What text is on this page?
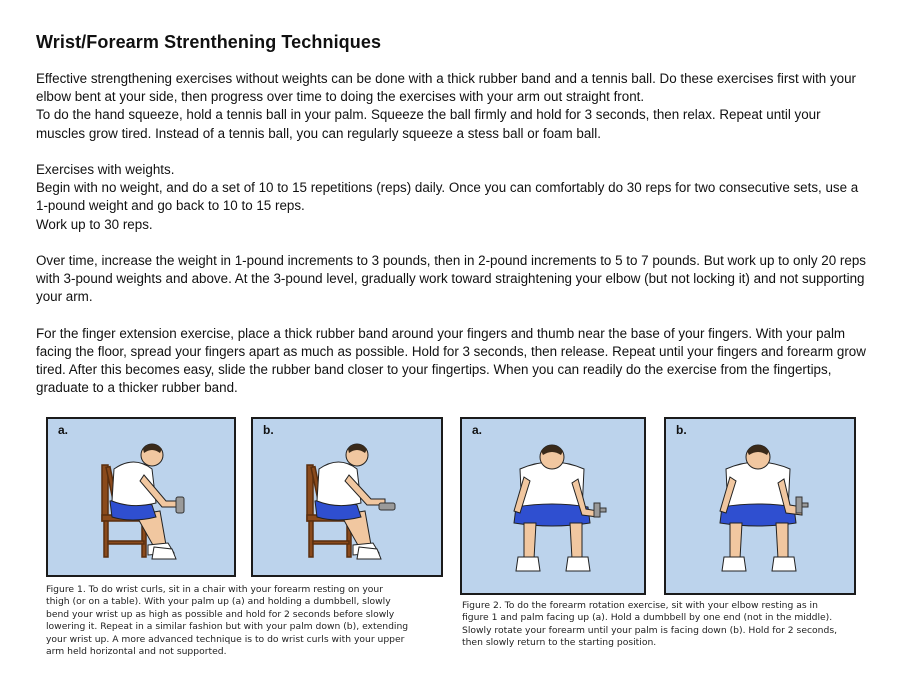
Wrist/Forearm Strenthening Techniques

Effective strengthening exercises without weights can be done with a thick rubber band and a tennis ball. Do these exercises first with your elbow bent at your side, then progress over time to doing the exercises with your arm out straight front.

To do the hand squeeze, hold a tennis ball in your palm. Squeeze the ball firmly and hold for 3 seconds, then relax. Repeat until your muscles grow tired. Instead of a tennis ball, you can regularly squeeze a stess ball or foam ball.

Exercises with weights.

Begin with no weight, and do a set of 10 to 15 repetitions (reps) daily. Once you can comfortably do 30 reps for two consecutive sets, use a 1-pound weight and go back to 10 to 15 reps.

Work up to 30 reps.

Over time, increase the weight in 1-pound increments to 3 pounds, then in 2-pound increments to 5 to 7 pounds. But work up to only 20 reps with 3-pound weights and above. At the 3-pound level, gradually work toward straightening your elbow (but not locking it) and not supporting your arm.

For the finger extension exercise, place a thick rubber band around your fingers and thumb near the base of your fingers. With your palm facing the floor, spread your fingers apart as much as possible. Hold for 3 seconds, then release. Repeat until your fingers and forearm grow tired. After this becomes easy, slide the rubber band closer to your fingertips. When you can readily do the exercise from the fingertips, graduate to a thicker rubber band.

a.	b.
Figure 1. To do wrist curls, sit in a chair with your forearm resting on your
thigh (or on a table). With your palm up (a) and holding a dumbbell, slowly
bend your wrist up as high as possible and hold for 2 seconds before slowly
lowering it. Repeat in a similar fashion but with your palm down (b), extending
your wrist up. A more advanced technique is to do wrist curls with your upper
arm held horizontal and not supported.
a.	b.
Figure 2. To do the forearm rotation exercise, sit with your elbow resting as in
figure 1 and palm facing up (a). Hold a dumbbell by one end (not in the middle).
Slowly rotate your forearm until your palm is facing down (b). Hold for 2 seconds,
then slowly return to the starting position.
